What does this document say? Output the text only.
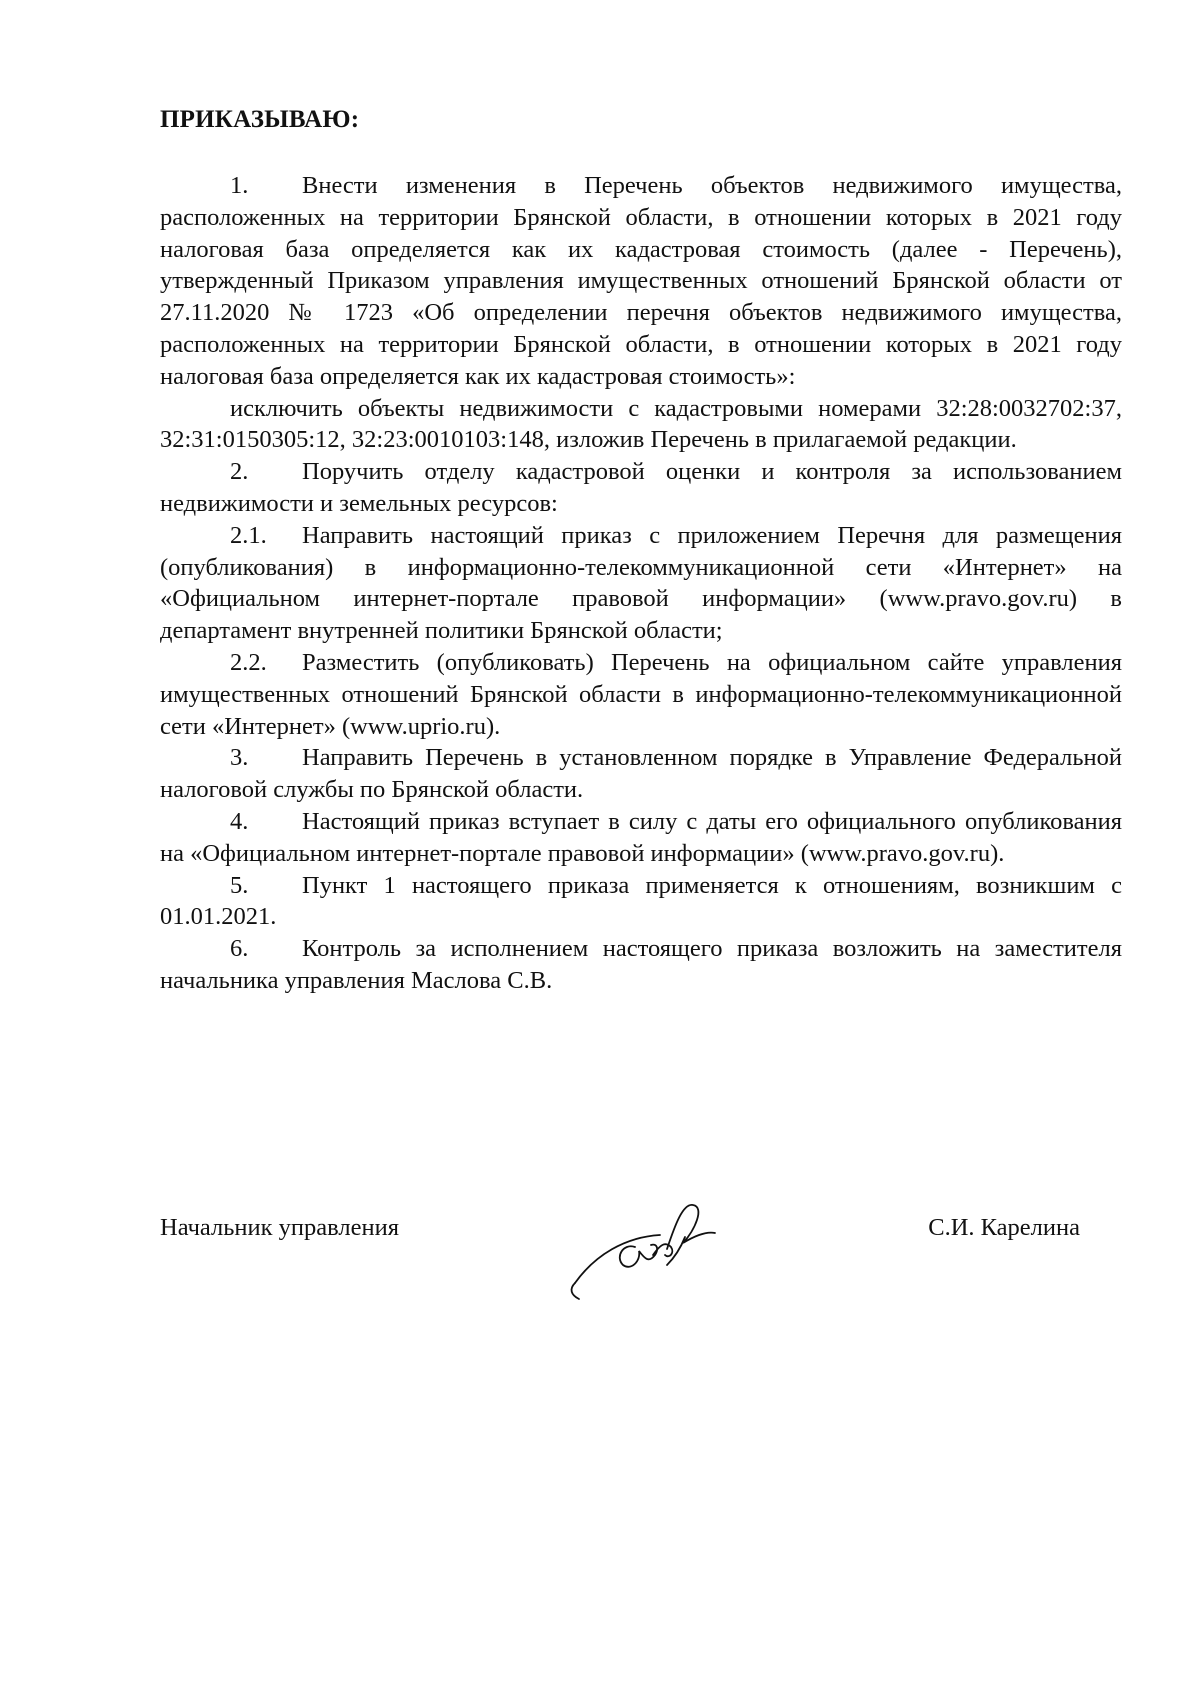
ПРИКАЗЫВАЮ:

1. Внести изменения в Перечень объектов недвижимого имущества, расположенных на территории Брянской области, в отношении которых в 2021 году налоговая база определяется как их кадастровая стоимость (далее - Перечень), утвержденный Приказом управления имущественных отношений Брянской области от 27.11.2020 № 1723 «Об определении перечня объектов недвижимого имущества, расположенных на территории Брянской области, в отношении которых в 2021 году налоговая база определяется как их кадастровая стоимость»:

исключить объекты недвижимости с кадастровыми номерами 32:28:0032702:37, 32:31:0150305:12, 32:23:0010103:148, изложив Перечень в прилагаемой редакции.

2. Поручить отделу кадастровой оценки и контроля за использованием недвижимости и земельных ресурсов:

2.1. Направить настоящий приказ с приложением Перечня для размещения (опубликования) в информационно-телекоммуникационной сети «Интернет» на «Официальном интернет-портале правовой информации» (www.pravo.gov.ru) в департамент внутренней политики Брянской области;

2.2. Разместить (опубликовать) Перечень на официальном сайте управления имущественных отношений Брянской области в информационно-телекоммуникационной сети «Интернет» (www.uprio.ru).

3. Направить Перечень в установленном порядке в Управление Федеральной налоговой службы по Брянской области.

4. Настоящий приказ вступает в силу с даты его официального опубликования на «Официальном интернет-портале правовой информации» (www.pravo.gov.ru).

5. Пункт 1 настоящего приказа применяется к отношениям, возникшим с 01.01.2021.

6. Контроль за исполнением настоящего приказа возложить на заместителя начальника управления Маслова С.В.

Начальник управления	С.И. Карелина
